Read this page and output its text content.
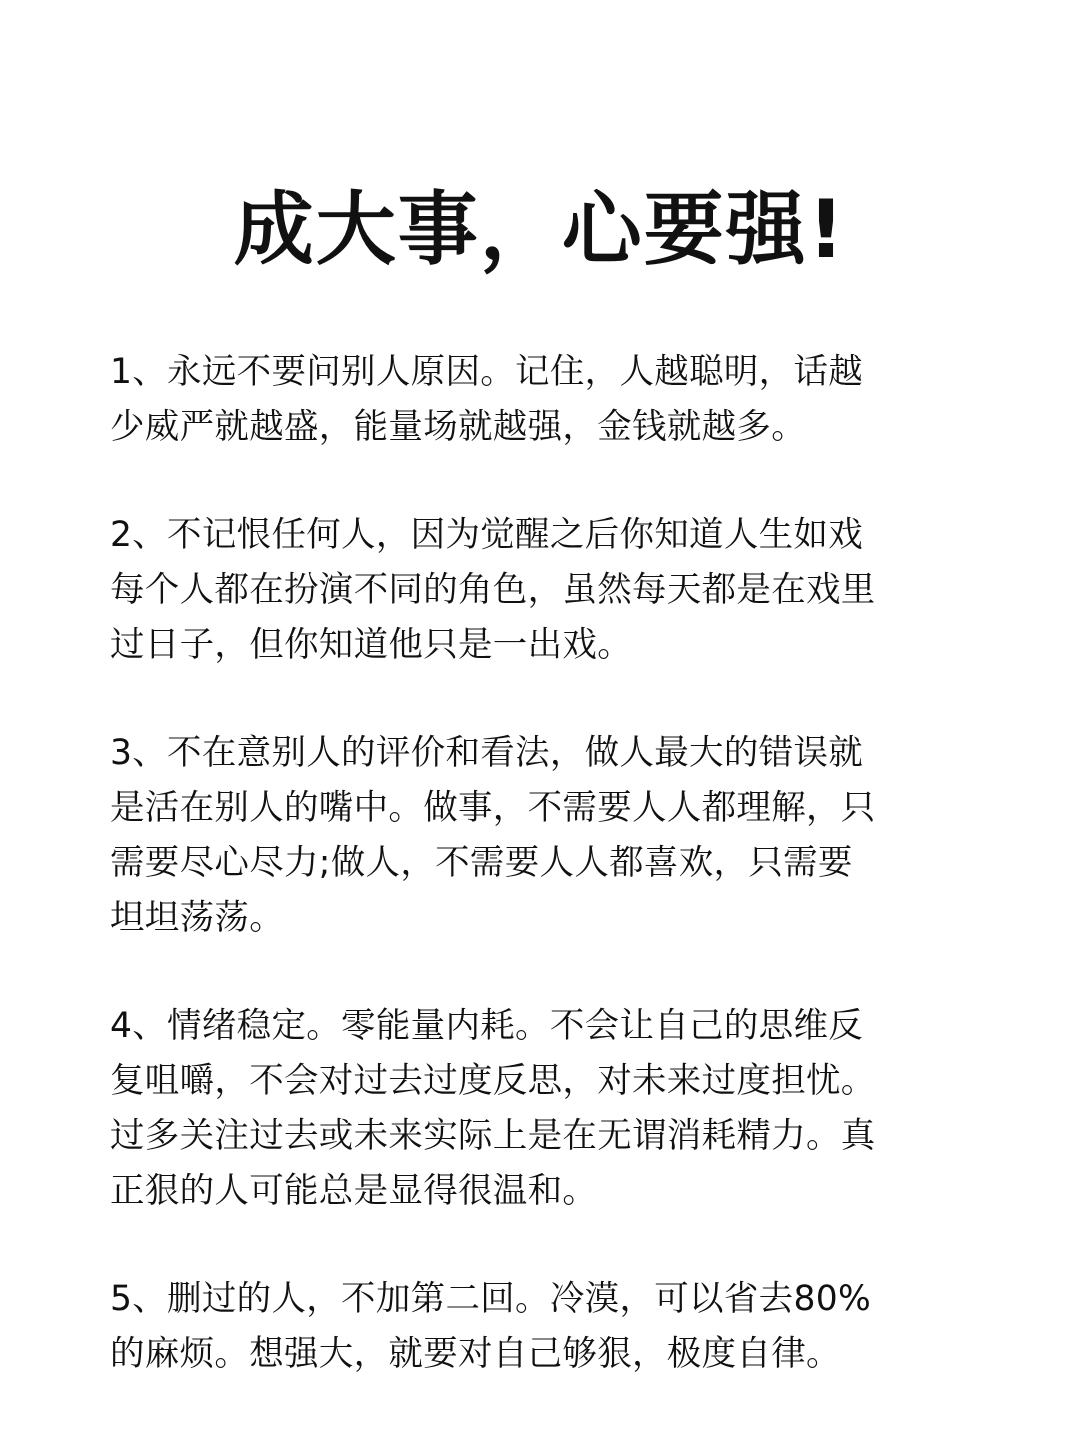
成大事，心要强!

1、永远不要问别人原因。记住，人越聪明，话越
少威严就越盛，能量场就越强，金钱就越多。

2、不记恨任何人，因为觉醒之后你知道人生如戏
每个人都在扮演不同的角色，虽然每天都是在戏里
过日子，但你知道他只是一出戏。

3、不在意别人的评价和看法，做人最大的错误就
是活在别人的嘴中。做事，不需要人人都理解，只
需要尽心尽力;做人，不需要人人都喜欢，只需要
坦坦荡荡。

4、情绪稳定。零能量内耗。不会让自己的思维反
复咀嚼，不会对过去过度反思，对未来过度担忧。
过多关注过去或未来实际上是在无谓消耗精力。真
正狠的人可能总是显得很温和。

5、删过的人，不加第二回。冷漠，可以省去80%
的麻烦。想强大，就要对自己够狠，极度自律。
